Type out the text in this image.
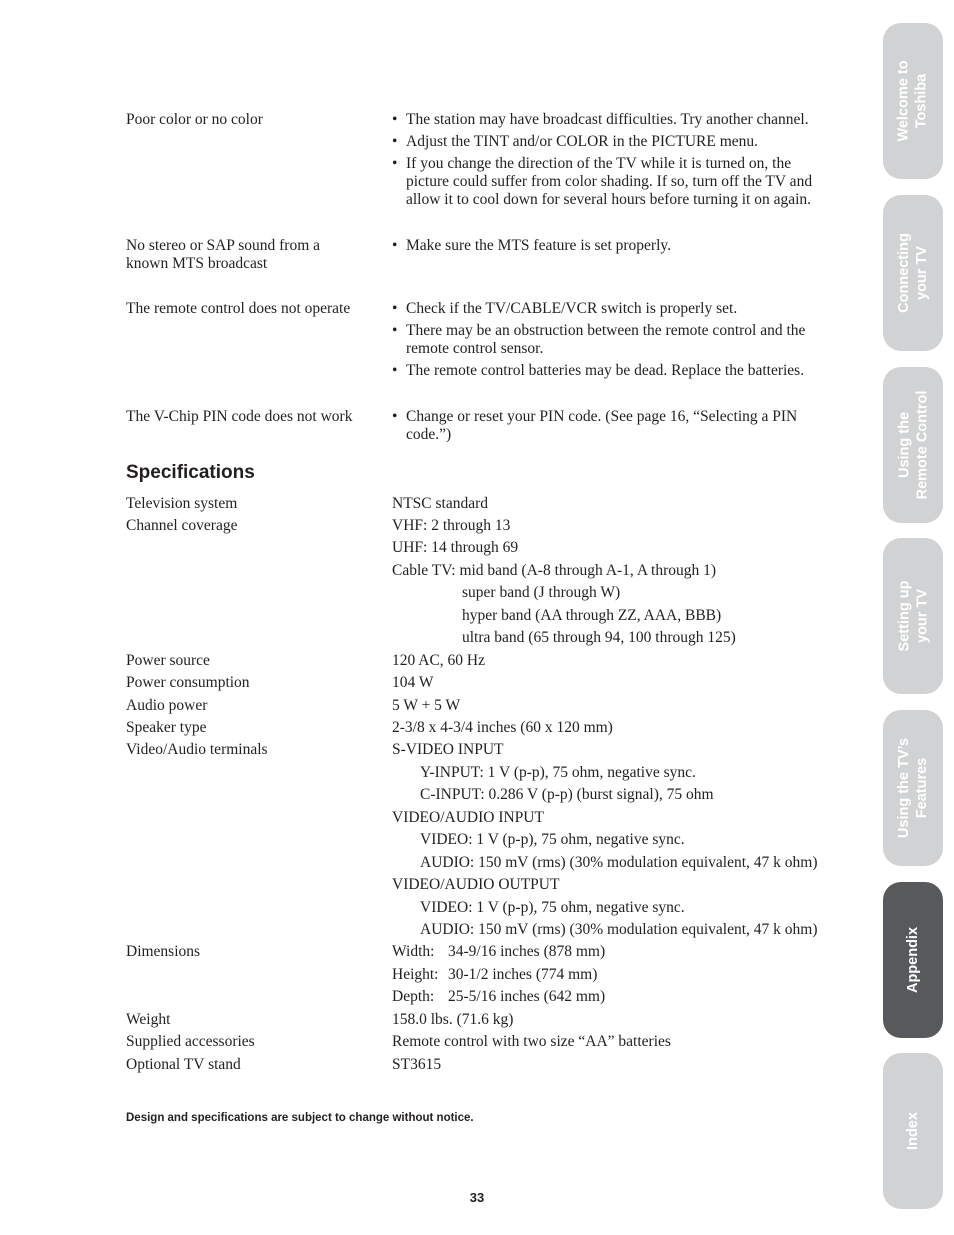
Poor color or no color	• The station may have broadcast difficulties. Try another channel.
• Adjust the TINT and/or COLOR in the PICTURE menu.
• If you change the direction of the TV while it is turned on, the picture could suffer from color shading. If so, turn off the TV and allow it to cool down for several hours before turning it on again.
No stereo or SAP sound from a known MTS broadcast
• Make sure the MTS feature is set properly.
The remote control does not operate	• Check if the TV/CABLE/VCR switch is properly set.
• There may be an obstruction between the remote control and the remote control sensor.
• The remote control batteries may be dead. Replace the batteries.
The V-Chip PIN code does not work	• Change or reset your PIN code. (See page 16, “Selecting a PIN code.”)
Specifications
Television system	NTSC standard
Channel coverage	VHF: 2 through 13
UHF: 14 through 69
Cable TV: mid band (A-8 through A-1, A through 1)
super band (J through W)
hyper band (AA through ZZ, AAA, BBB)
ultra band (65 through 94, 100 through 125)
Power source	120 AC, 60 Hz
Power consumption	104 W
Audio power	5 W + 5 W
Speaker type	2-3/8 x 4-3/4 inches (60 x 120 mm)
Video/Audio terminals	S-VIDEO INPUT
Y-INPUT: 1 V (p-p), 75 ohm, negative sync.
C-INPUT: 0.286 V (p-p) (burst signal), 75 ohm
VIDEO/AUDIO INPUT
VIDEO: 1 V (p-p), 75 ohm, negative sync.
AUDIO: 150 mV (rms) (30% modulation equivalent, 47 k ohm)
VIDEO/AUDIO OUTPUT
VIDEO: 1 V (p-p), 75 ohm, negative sync.
AUDIO: 150 mV (rms) (30% modulation equivalent, 47 k ohm)
Dimensions	Width: 34-9/16 inches (878 mm)
Height: 30-1/2 inches (774 mm)
Depth: 25-5/16 inches (642 mm)
Weight	158.0 lbs. (71.6 kg)
Supplied accessories	Remote control with two size “AA” batteries
Optional TV stand	ST3615
Design and specifications are subject to change without notice.
33
Welcome to Toshiba
Connecting your TV
Using the Remote Control
Setting up your TV
Using the TV’s Features
Appendix
Index
